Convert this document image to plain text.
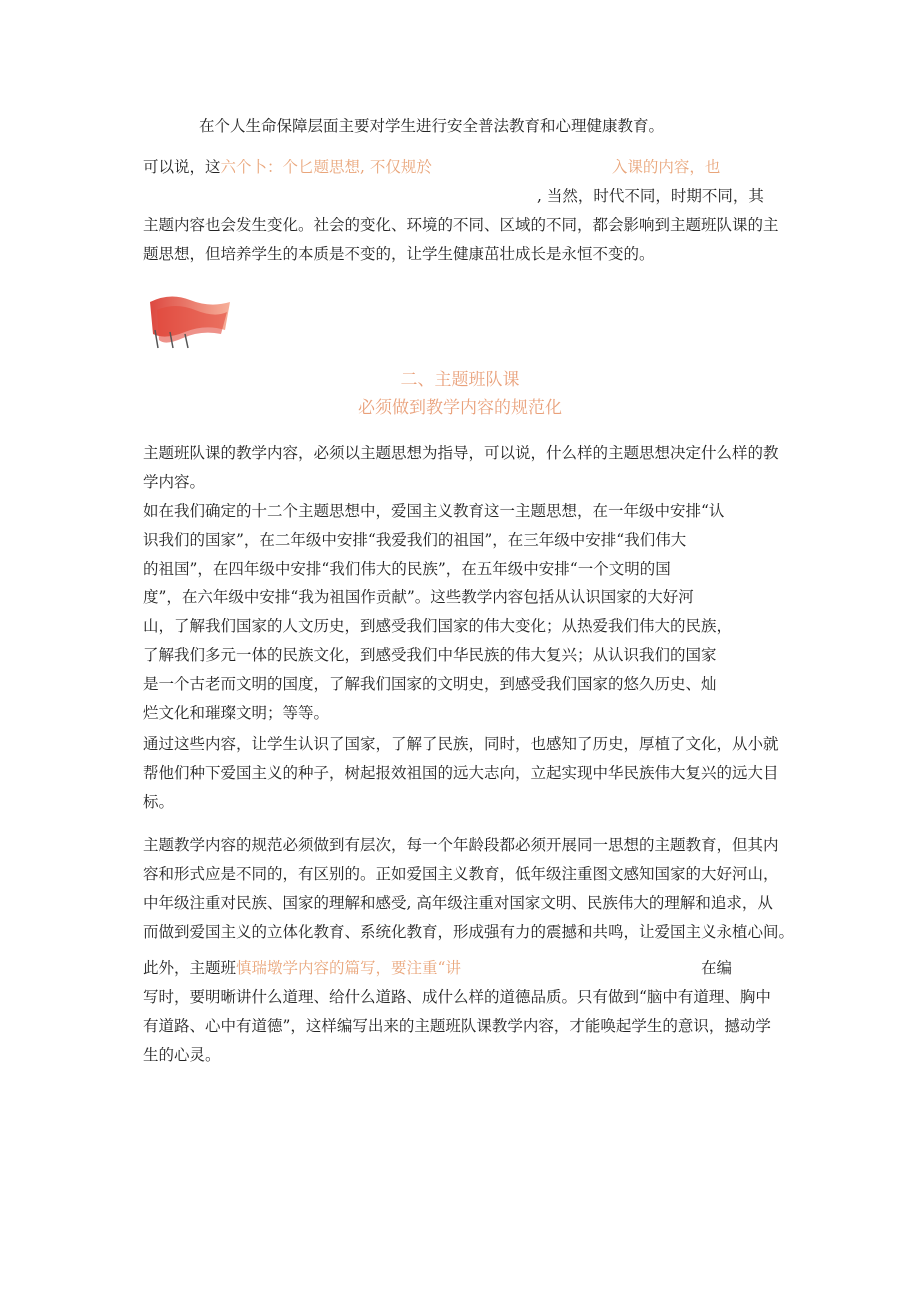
在个人生命保障层面主要对学生进行安全普法教育和心理健康教育。
可以说，这六个卜：个匕题思想, 不仅规於	入课的内容，也
, 当然，时代不同，时期不同，其
主题内容也会发生变化。社会的变化、环境的不同、区域的不同，都会影响到主题班队课的主
题思想，但培养学生的本质是不变的，让学生健康茁壮成长是永恒不变的。
二、主题班队课
必须做到教学内容的规范化
主题班队课的教学内容，必须以主题思想为指导，可以说，什么样的主题思想决定什么样的教
学内容。
如在我们确定的十二个主题思想中，爱国主义教育这一主题思想，在一年级中安排“认
识我们的国家”，在二年级中安排“我爱我们的祖国”，在三年级中安排“我们伟大
的祖国”，在四年级中安排“我们伟大的民族”，在五年级中安排“一个文明的国
度”，在六年级中安排“我为祖国作贡献”。这些教学内容包括从认识国家的大好河
山，了解我们国家的人文历史，到感受我们国家的伟大变化；从热爱我们伟大的民族，
了解我们多元一体的民族文化，到感受我们中华民族的伟大复兴；从认识我们的国家
是一个古老而文明的国度，了解我们国家的文明史，到感受我们国家的悠久历史、灿
烂文化和璀璨文明；等等。
通过这些内容，让学生认识了国家，了解了民族，同时，也感知了历史，厚植了文化，从小就
帮他们种下爱国主义的种子，树起报效祖国的远大志向，立起实现中华民族伟大复兴的远大目
标。
主题教学内容的规范必须做到有层次，每一个年龄段都必须开展同一思想的主题教育，但其内
容和形式应是不同的，有区别的。正如爱国主义教育，低年级注重图文感知国家的大好河山，
中年级注重对民族、国家的理解和感受, 高年级注重对国家文明、民族伟大的理解和追求，从
而做到爱国主义的立体化教育、系统化教育，形成强有力的震撼和共鸣，让爱国主义永植心间。
此外，主题班慎瑞墩学内容的篇写，要注重“讲	在编
写时，要明晰讲什么道理、给什么道路、成什么样的道德品质。只有做到“脑中有道理、胸中
有道路、心中有道德”，这样编写出来的主题班队课教学内容，才能唤起学生的意识，撼动学
生的心灵。
